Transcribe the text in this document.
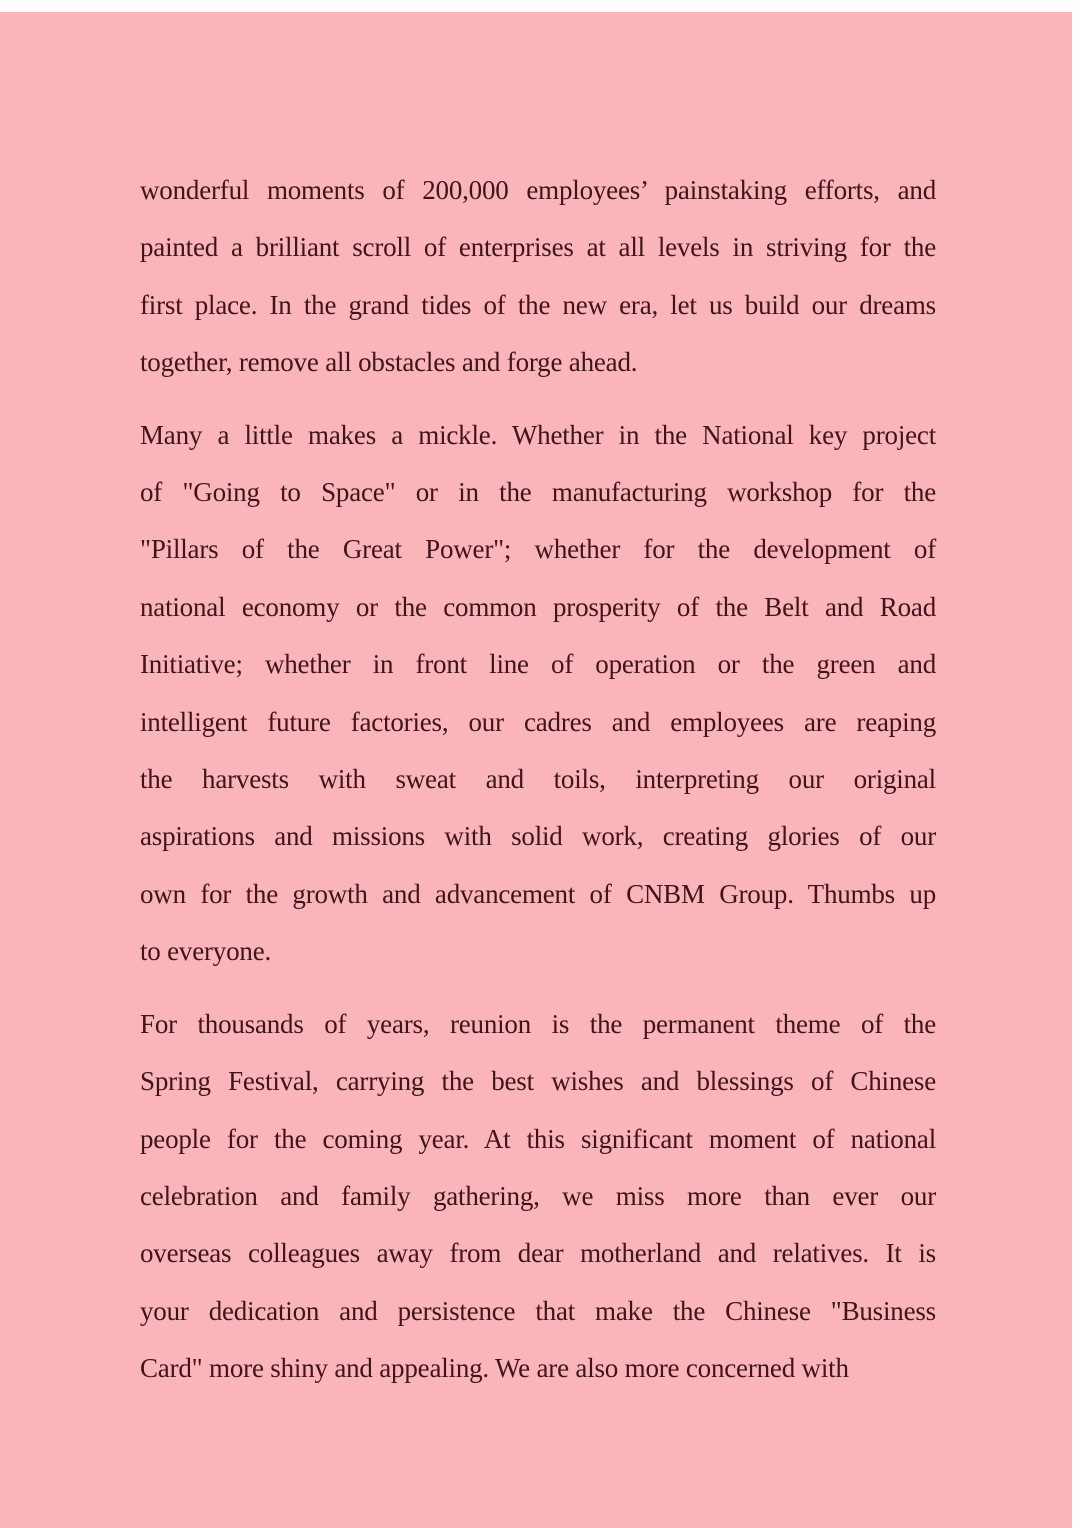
wonderful moments of 200,000 employees’ painstaking efforts, and
painted a brilliant scroll of enterprises at all levels in striving for the
first place. In the grand tides of the new era, let us build our dreams
together, remove all obstacles and forge ahead.
Many a little makes a mickle. Whether in the National key project
of "Going to Space" or in the manufacturing workshop for the
"Pillars of the Great Power"; whether for the development of
national economy or the common prosperity of the Belt and Road
Initiative; whether in front line of operation or the green and
intelligent future factories, our cadres and employees are reaping
the harvests with sweat and toils, interpreting our original
aspirations and missions with solid work, creating glories of our
own for the growth and advancement of CNBM Group. Thumbs up
to everyone.
For thousands of years, reunion is the permanent theme of the
Spring Festival, carrying the best wishes and blessings of Chinese
people for the coming year. At this significant moment of national
celebration and family gathering, we miss more than ever our
overseas colleagues away from dear motherland and relatives. It is
your dedication and persistence that make the Chinese "Business
Card" more shiny and appealing. We are also more concerned with
